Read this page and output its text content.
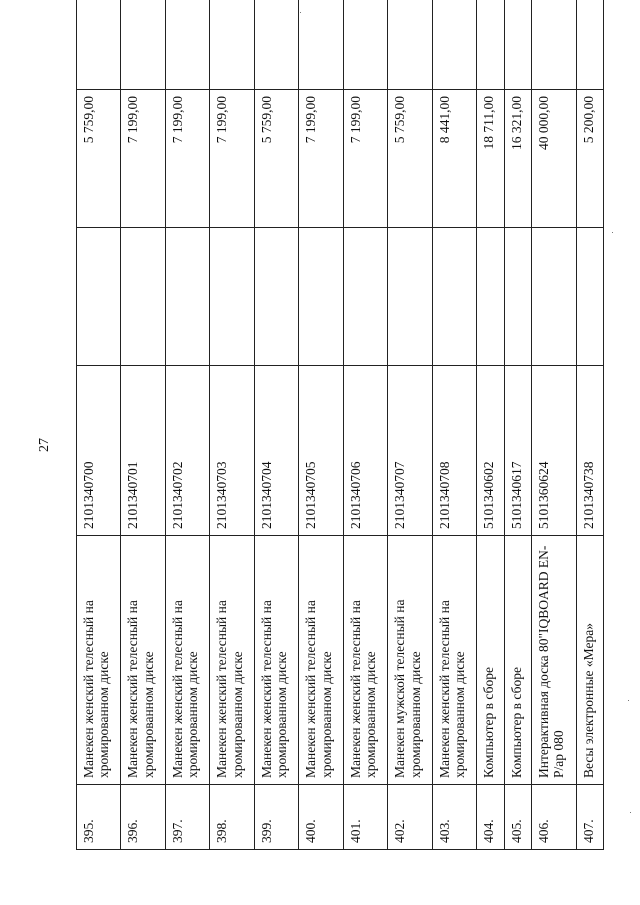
27
395.	Манекен женский телесный на хромированном диске	2101340700		5 759,00	
396.	Манекен женский телесный на хромированном диске	2101340701		7 199,00	
397.	Манекен женский телесный на хромированном диске	2101340702		7 199,00	
398.	Манекен женский телесный на хромированном диске	2101340703		7 199,00	
399.	Манекен женский телесный на хромированном диске	2101340704		5 759,00	
400.	Манекен женский телесный на хромированном диске	2101340705		7 199,00	
401.	Манекен женский телесный на хромированном диске	2101340706		7 199,00	
402.	Манекен мужской телесный на хромированном диске	2101340707		5 759,00	
403.	Манекен женский телесный на хромированном диске	2101340708		8 441,00	
404.	Компьютер в сборе	5101340602		18 711,00	
405.	Компьютер в сборе	5101340617		16 321,00	
406.	Интерактивная доска 80"IQBOARD EN-P/ар 080	5101360624		40 000,00	
407.	Весы электронные «Мера»	2101340738		5 200,00	
